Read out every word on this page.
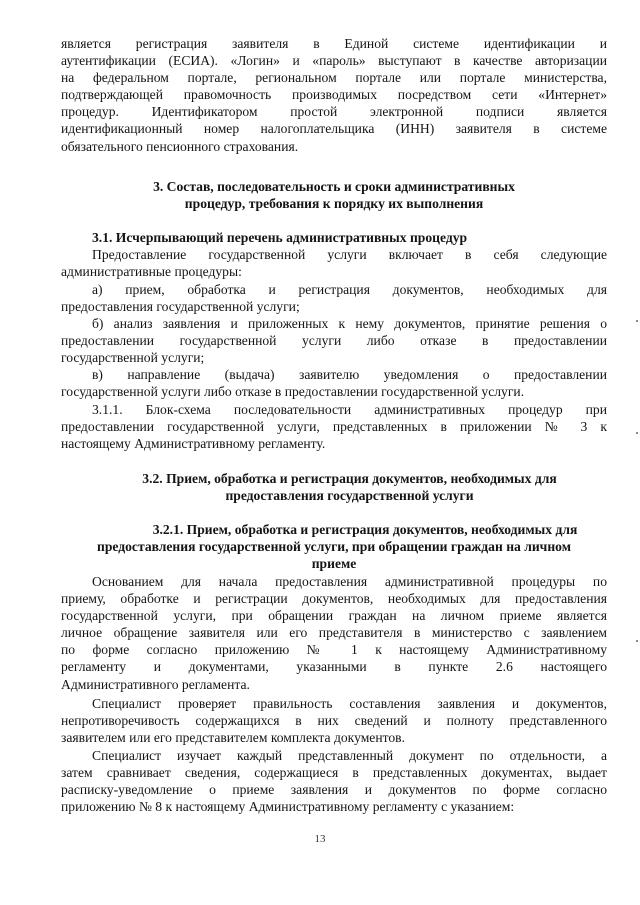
является регистрация заявителя в Единой системе идентификации и
аутентификации (ЕСИА). «Логин» и «пароль» выступают в качестве авторизации
на федеральном портале, региональном портале или портале министерства,
подтверждающей правомочность производимых посредством сети «Интернет»
процедур. Идентификатором простой электронной подписи является
идентификационный номер налогоплательщика (ИНН) заявителя в системе
обязательного пенсионного страхования.
3. Состав, последовательность и сроки административных
процедур, требования к порядку их выполнения
3.1. Исчерпывающий перечень административных процедур
Предоставление государственной услуги включает в себя следующие
административные процедуры:
а) прием, обработка и регистрация документов, необходимых для
предоставления государственной услуги;
б) анализ заявления и приложенных к нему документов, принятие решения о
предоставлении государственной услуги либо отказе в предоставлении
государственной услуги;
в) направление (выдача) заявителю уведомления о предоставлении
государственной услуги либо отказе в предоставлении государственной услуги.
3.1.1. Блок-схема последовательности административных процедур при
предоставлении государственной услуги, представленных в приложении № 3 к
настоящему Административному регламенту.
3.2. Прием, обработка и регистрация документов, необходимых для
предоставления государственной услуги
3.2.1. Прием, обработка и регистрация документов, необходимых для
предоставления государственной услуги, при обращении граждан на личном
приеме
Основанием для начала предоставления административной процедуры по
приему, обработке и регистрации документов, необходимых для предоставления
государственной услуги, при обращении граждан на личном приеме является
личное обращение заявителя или его представителя в министерство с заявлением
по форме согласно приложению № 1 к настоящему Административному
регламенту и документами, указанными в пункте 2.6 настоящего
Административного регламента.
Специалист проверяет правильность составления заявления и документов,
непротиворечивость содержащихся в них сведений и полноту представленного
заявителем или его представителем комплекта документов.
Специалист изучает каждый представленный документ по отдельности, а
затем сравнивает сведения, содержащиеся в представленных документах, выдает
расписку-уведомление о приеме заявления и документов по форме согласно
приложению № 8 к настоящему Административному регламенту с указанием:
13
